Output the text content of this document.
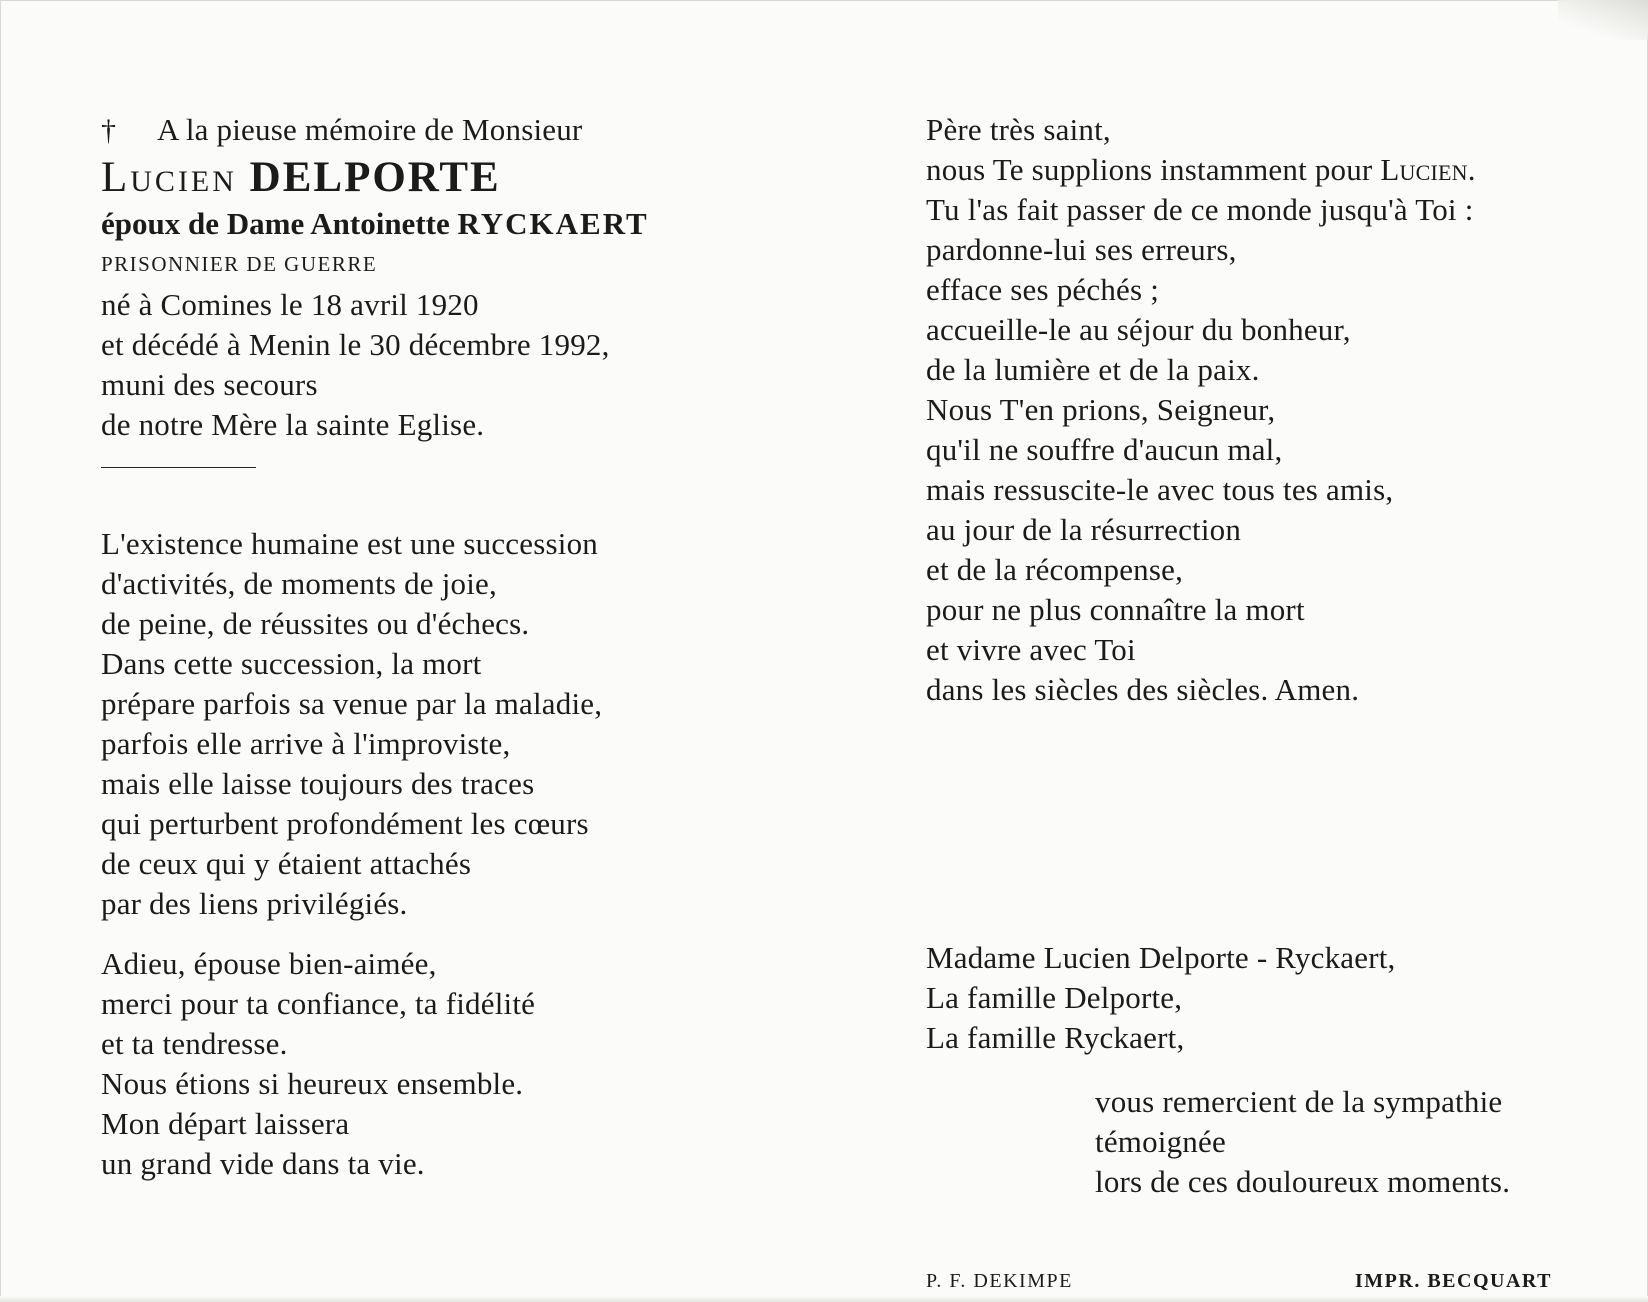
†	A la pieuse mémoire de Monsieur
Lucien DELPORTE
époux de Dame Antoinette RYCKAERT
PRISONNIER DE GUERRE
né à Comines le 18 avril 1920
et décédé à Menin le 30 décembre 1992,
muni des secours
de notre Mère la sainte Eglise.
L'existence humaine est une succession
d'activités, de moments de joie,
de peine, de réussites ou d'échecs.
Dans cette succession, la mort
prépare parfois sa venue par la maladie,
parfois elle arrive à l'improviste,
mais elle laisse toujours des traces
qui perturbent profondément les cœurs
de ceux qui y étaient attachés
par des liens privilégiés.
Adieu, épouse bien-aimée,
merci pour ta confiance, ta fidélité
et ta tendresse.
Nous étions si heureux ensemble.
Mon départ laissera
un grand vide dans ta vie.
Père très saint,
nous Te supplions instamment pour Lucien.
Tu l'as fait passer de ce monde jusqu'à Toi :
pardonne-lui ses erreurs,
efface ses péchés ;
accueille-le au séjour du bonheur,
de la lumière et de la paix.
Nous T'en prions, Seigneur,
qu'il ne souffre d'aucun mal,
mais ressuscite-le avec tous tes amis,
au jour de la résurrection
et de la récompense,
pour ne plus connaître la mort
et vivre avec Toi
dans les siècles des siècles. Amen.
Madame Lucien Delporte - Ryckaert,
La famille Delporte,
La famille Ryckaert,
vous remercient de la sympathie
témoignée
lors de ces douloureux moments.
P. F. DEKIMPE	IMPR. BECQUART
